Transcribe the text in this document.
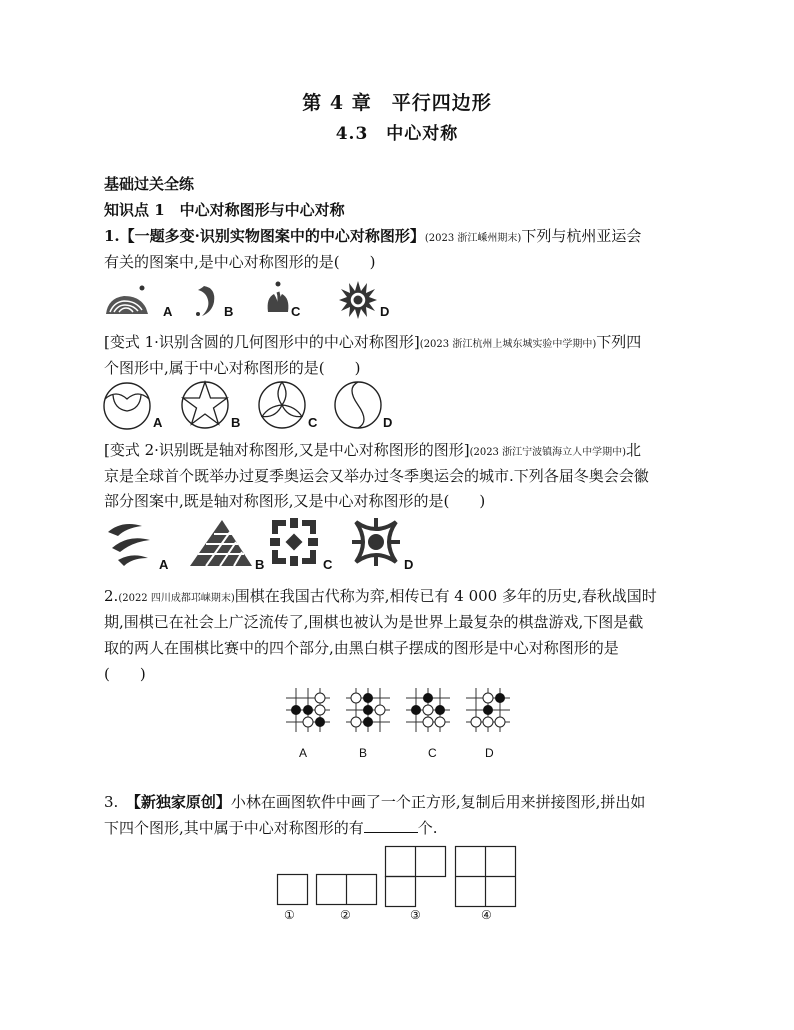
第 4 章　平行四边形
4.3　中心对称
基础过关全练
知识点 1　中心对称图形与中心对称
1.【一题多变·识别实物图案中的中心对称图形】(2023 浙江嵊州期末)下列与杭州亚运会
有关的图案中,是中心对称图形的是(　　)
A	B	C	D
[变式 1·识别含圆的几何图形中的中心对称图形](2023 浙江杭州上城东城实验中学期中)下列四
个图形中,属于中心对称图形的是(　　)
A	B	C	D
[变式 2·识别既是轴对称图形,又是中心对称图形的图形](2023 浙江宁波镇海立人中学期中)北
京是全球首个既举办过夏季奥运会又举办过冬季奥运会的城市.下列各届冬奥会会徽
部分图案中,既是轴对称图形,又是中心对称图形的是(　　)
A	B	C	D
2.(2022 四川成都邛崃期末)围棋在我国古代称为弈,相传已有 4 000 多年的历史,春秋战国时
期,围棋已在社会上广泛流传了,围棋也被认为是世界上最复杂的棋盘游戏,下图是截
取的两人在围棋比赛中的四个部分,由黑白棋子摆成的图形是中心对称图形的是
(　　)
A	B	C	D
3.  【新独家原创】小林在画图软件中画了一个正方形,复制后用来拼接图形,拼出如
下四个图形,其中属于中心对称图形的有	个.
①	②	③	④
